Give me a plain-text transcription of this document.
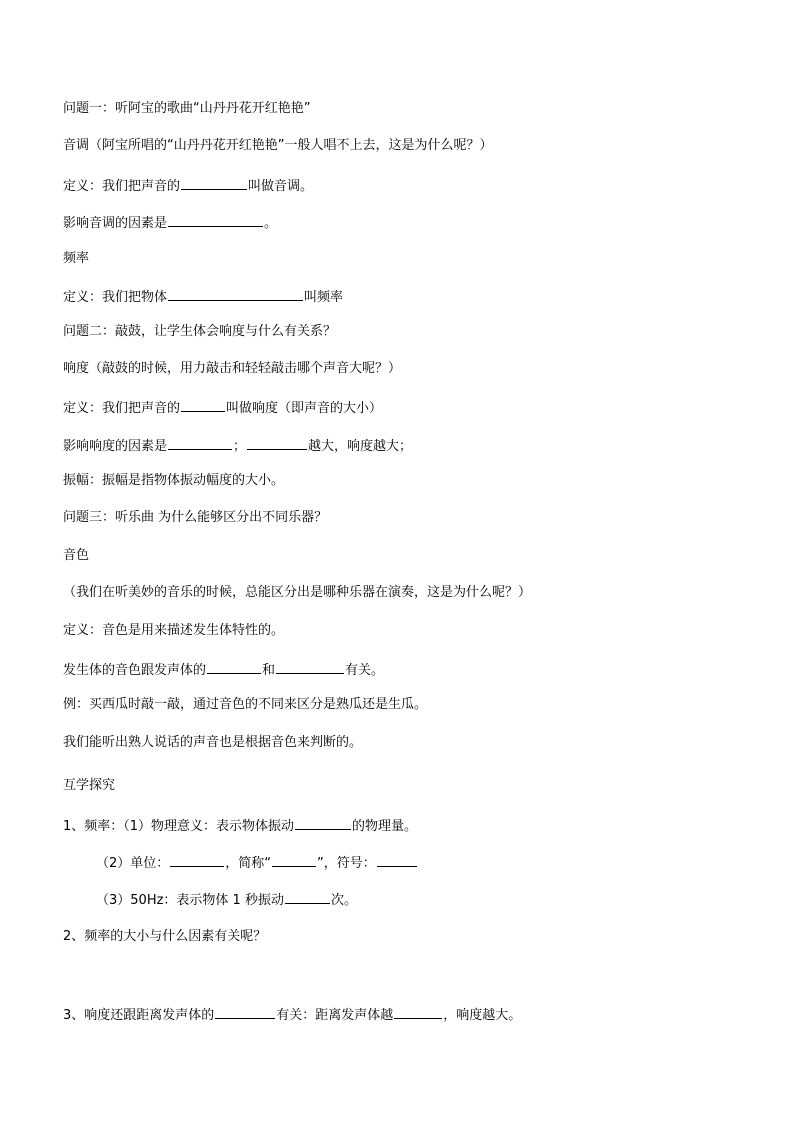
问题一：听阿宝的歌曲“山丹丹花开红艳艳”
音调（阿宝所唱的“山丹丹花开红艳艳”一般人唱不上去，这是为什么呢？）
定义：我们把声音的	叫做音调。
影响音调的因素是	。
频率
定义：我们把物体	叫频率
问题二：敲鼓，让学生体会响度与什么有关系？
响度（敲鼓的时候，用力敲击和轻轻敲击哪个声音大呢？）
定义：我们把声音的	叫做响度（即声音的大小）
影响响度的因素是	；	越大，响度越大；
振幅：振幅是指物体振动幅度的大小。
问题三：听乐曲 为什么能够区分出不同乐器？
音色
（我们在听美妙的音乐的时候，总能区分出是哪种乐器在演奏，这是为什么呢？）
定义：音色是用来描述发生体特性的。
发生体的音色跟发声体的	和	有关。
例：买西瓜时敲一敲，通过音色的不同来区分是熟瓜还是生瓜。
我们能听出熟人说话的声音也是根据音色来判断的。
互学探究
1、频率：（1）物理意义：表示物体振动	的物理量。
（2）单位：	，简称“	”，符号：
（3）50Hz：表示物体 1 秒振动	次。
2、频率的大小与什么因素有关呢？
3、响度还跟距离发声体的	有关：距离发声体越	，响度越大。
